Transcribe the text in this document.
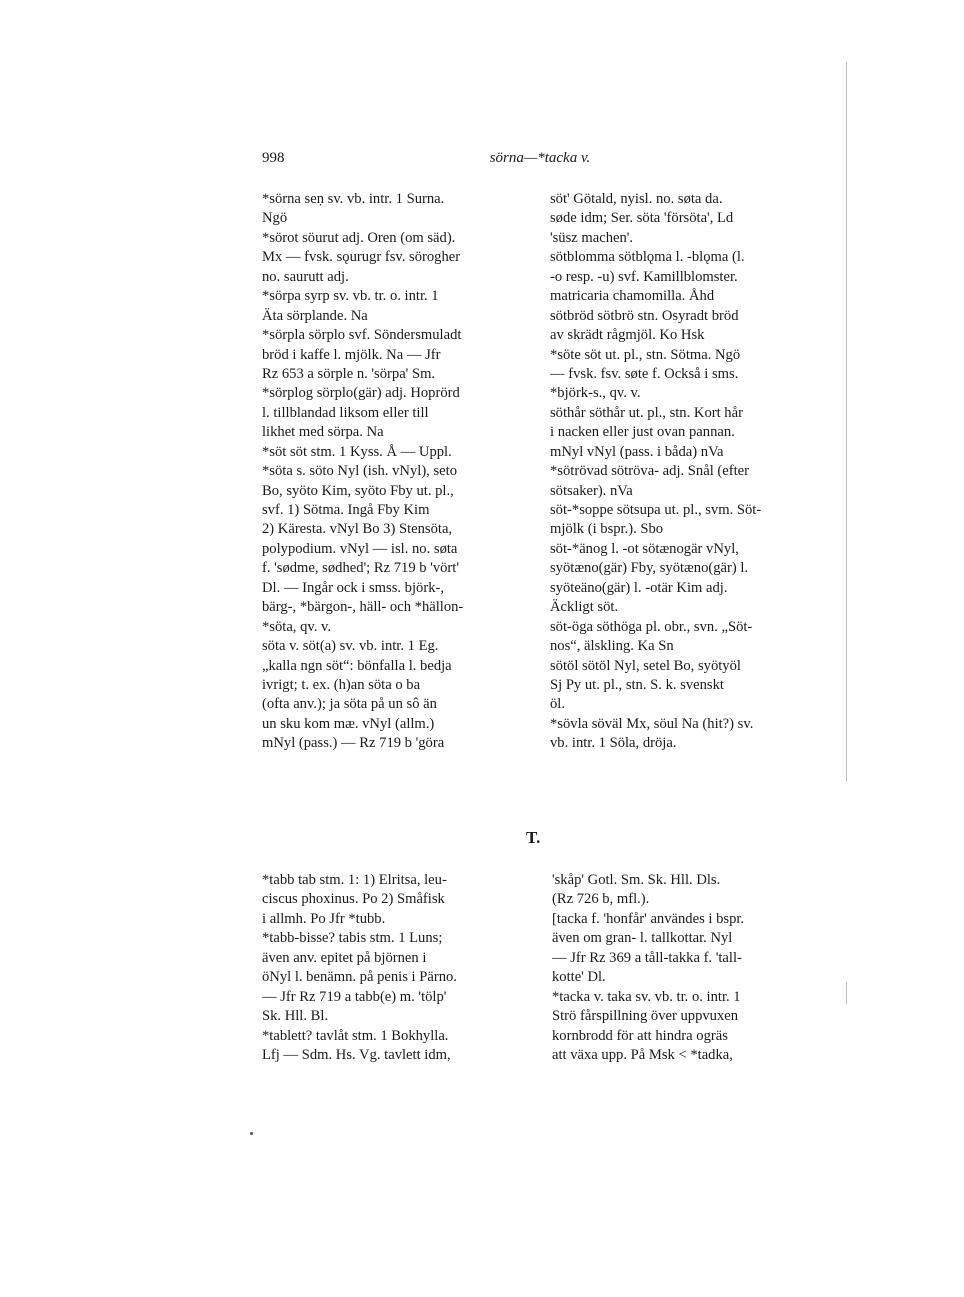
998	sörna—*tacka v.
*sörna seṇ sv. vb. intr. 1 Surna.
Ngö
*sörot söurut adj. Oren (om säd).
Mx — fvsk. sǫurugr fsv. sörogher
no. saurutt adj.
*sörpa syrp sv. vb. tr. o. intr. 1
Äta sörplande. Na
*sörpla sörplo svf. Söndersmuladt
bröd i kaffe l. mjölk. Na — Jfr
Rz 653 a sörple n. 'sörpa' Sm.
*sörplog sörplo(gär) adj. Hoprörd
l. tillblandad liksom eller till
likhet med sörpa. Na
*söt söt stm. 1 Kyss. Å — Uppl.
*söta s. söto Nyl (ish. vNyl), seto
Bo, syöto Kim, syöto Fby ut. pl.,
svf. 1) Sötma. Ingå Fby Kim
2) Käresta. vNyl Bo 3) Stensöta,
polypodium. vNyl — isl. no. søta
f. 'sødme, sødhed'; Rz 719 b 'vört'
Dl. — Ingår ock i smss. björk-,
bärg-, *bärgon-, häll- och *hällon-
*söta, qv. v.
söta v. söt(a) sv. vb. intr. 1 Eg.
„kalla ngn söt“: bönfalla l. bedja
ivrigt; t. ex. (h)an söta o ba
(ofta anv.); ja söta på un sô än
un sku kom mæ. vNyl (allm.)
mNyl (pass.) — Rz 719 b 'göra
söt' Götald, nyisl. no. søta da.
søde idm; Ser. söta 'försöta', Ld
'süsz machen'.
sötblomma sötblǫma l. -blǫma (l.
-o resp. -u) svf. Kamillblomster.
matricaria chamomilla. Åhd
sötbröd sötbrö stn. Osyradt bröd
av skrädt rågmjöl. Ko Hsk
*söte söt ut. pl., stn. Sötma. Ngö
— fvsk. fsv. søte f. Också i sms.
*björk-s., qv. v.
söthår söthår ut. pl., stn. Kort hår
i nacken eller just ovan pannan.
mNyl vNyl (pass. i båda) nVa
*sötrövad sötröva- adj. Snål (efter
sötsaker). nVa
söt-*soppe sötsupa ut. pl., svm. Söt-
mjölk (i bspr.). Sbo
söt-*änog l. -ot sötænogär vNyl,
syötæno(gär) Fby, syötæno(gär) l.
syöteäno(gär) l. -otär Kim adj.
Äckligt söt.
söt-öga söthöga pl. obr., svn. „Söt-
nos“, älskling. Ka Sn
sötöl sötöl Nyl, setel Bo, syötyöl
Sj Py ut. pl., stn. S. k. svenskt
öl.
*sövla söväl Mx, söul Na (hit?) sv.
vb. intr. 1 Söla, dröja.
T.
*tabb tab stm. 1: 1) Elritsa, leu-
ciscus phoxinus. Po 2) Småfisk
i allmh. Po Jfr *tubb.
*tabb-bisse? tabis stm. 1 Luns;
även anv. epitet på björnen i
öNyl l. benämn. på penis i Pärno.
— Jfr Rz 719 a tabb(e) m. 'tölp'
Sk. Hll. Bl.
*tablett? tavlåt stm. 1 Bokhylla.
Lfj — Sdm. Hs. Vg. tavlett idm,
'skåp' Gotl. Sm. Sk. Hll. Dls.
(Rz 726 b, mfl.).
[tacka f. 'honfår' användes i bspr.
även om gran- l. tallkottar. Nyl
— Jfr Rz 369 a tåll-takka f. 'tall-
kotte' Dl.
*tacka v. taka sv. vb. tr. o. intr. 1
Strö fårspillning över uppvuxen
kornbrodd för att hindra ogräs
att växa upp. På Msk < *tadka,
